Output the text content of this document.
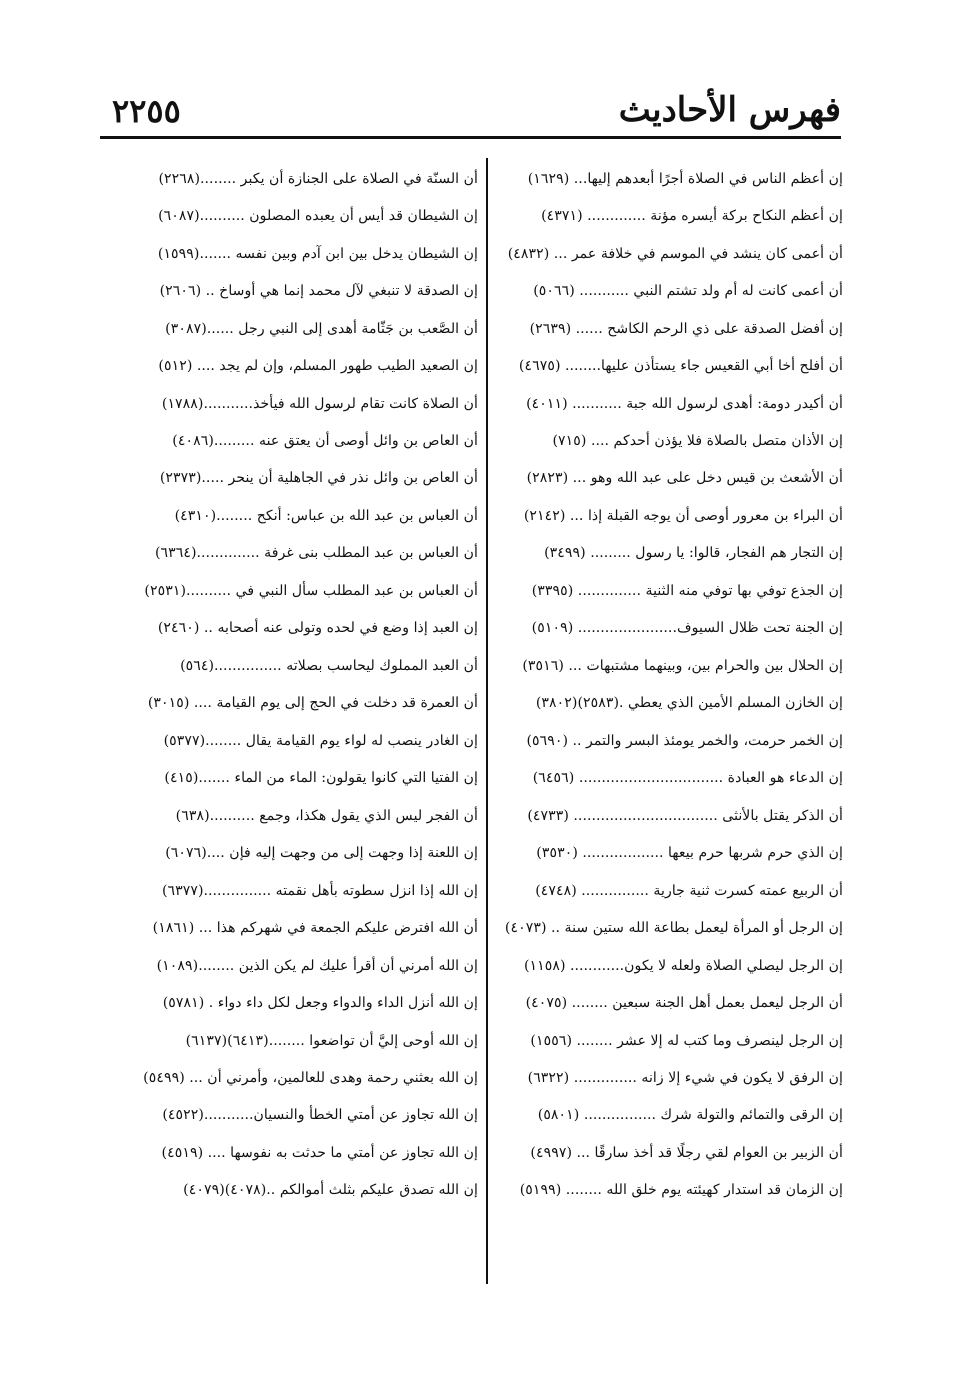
فهرس الأحاديث
٢٢٥٥
إن أعظم الناس في الصلاة أجرًا أبعدهم إليها... (١٦٢٩)
إن أعظم النكاح بركة أيسره مؤنة ............. (٤٣٧١)
أن أعمى كان ينشد في الموسم في خلافة عمر ... (٤٨٣٢)
أن أعمى كانت له أم ولد تشتم النبي ........... (٥٠٦٦)
إن أفضل الصدقة على ذي الرحم الكاشح ...... (٢٦٣٩)
أن أفلح أخا أبي القعيس جاء يستأذن عليها........ (٤٦٧٥)
أن أكيدر دومة: أهدى لرسول الله جبة ........... (٤٠١١)
إن الأذان متصل بالصلاة فلا يؤذن أحدكم .... (٧١٥)
أن الأشعث بن قيس دخل على عبد الله وهو ... (٢٨٢٣)
أن البراء بن معرور أوصى أن يوجه القبلة إذا ... (٢١٤٢)
إن التجار هم الفجار، قالوا: يا رسول ......... (٣٤٩٩)
إن الجذع توفي بها توفي منه الثنية .............. (٣٣٩٥)
إن الجنة تحت ظلال السيوف...................... (٥١٠٩)
إن الحلال بين والحرام بين، وبينهما مشتبهات ... (٣٥١٦)
إن الخازن المسلم الأمين الذي يعطي .(٢٥٨٣)(٣٨٠٢)
إن الخمر حرمت، والخمر يومئذ البسر والتمر .. (٥٦٩٠)
إن الدعاء هو العبادة ................................ (٦٤٥٦)
أن الذكر يقتل بالأنثى ................................ (٤٧٣٣)
إن الذي حرم شربها حرم بيعها .................. (٣٥٣٠)
أن الربيع عمته كسرت ثنية جارية ............... (٤٧٤٨)
إن الرجل أو المرأة ليعمل بطاعة الله ستين سنة .. (٤٠٧٣)
إن الرجل ليصلي الصلاة ولعله لا يكون............ (١١٥٨)
أن الرجل ليعمل بعمل أهل الجنة سبعين ........ (٤٠٧٥)
إن الرجل لينصرف وما كتب له إلا عشر ........ (١٥٥٦)
إن الرفق لا يكون في شيء إلا زانه .............. (٦٣٢٢)
إن الرقى والتمائم والتولة شرك ................ (٥٨٠١)
أن الزبير بن العوام لقي رجلًا قد أخذ سارقًا ... (٤٩٩٧)
إن الزمان قد استدار كهيئته يوم خلق الله ........ (٥١٩٩)
أن السنّة في الصلاة على الجنازة أن يكبر ........(٢٢٦٨)
إن الشيطان قد أيس أن يعبده المصلون ..........(٦٠٨٧)
إن الشيطان يدخل بين ابن آدم وبين نفسه .......(١٥٩٩)
إن الصدقة لا تنبغي لآل محمد إنما هي أوساخ .. (٢٦٠٦)
أن الصَّعب بن جَثّامة أهدى إلى النبي رجل ......(٣٠٨٧)
إن الصعيد الطيب طهور المسلم، وإن لم يجد .... (٥١٢)
أن الصلاة كانت تقام لرسول الله فيأخذ...........(١٧٨٨)
أن العاص بن وائل أوصى أن يعتق عنه .........(٤٠٨٦)
أن العاص بن وائل نذر في الجاهلية أن ينحر .....(٢٣٧٣)
أن العباس بن عبد الله بن عباس: أنكح ........(٤٣١٠)
أن العباس بن عبد المطلب بنى غرفة ..............(٦٣٦٤)
أن العباس بن عبد المطلب سأل النبي في ..........(٢٥٣١)
إن العبد إذا وضع في لحده وتولى عنه أصحابه .. (٢٤٦٠)
أن العبد المملوك ليحاسب بصلاته ...............(٥٦٤)
أن العمرة قد دخلت في الحج إلى يوم القيامة .... (٣٠١٥)
إن الغادر ينصب له لواء يوم القيامة يقال ........(٥٣٧٧)
إن الفتيا التي كانوا يقولون: الماء من الماء .......(٤١٥)
أن الفجر ليس الذي يقول هكذا، وجمع ..........(٦٣٨)
إن اللعنة إذا وجهت إلى من وجهت إليه فإن ....(٦٠٧٦)
إن الله إذا انزل سطوته بأهل نقمته ...............(٦٣٧٧)
أن الله افترض عليكم الجمعة في شهركم هذا ... (١٨٦١)
إن الله أمرني أن أقرأ عليك لم يكن الذين ........(١٠٨٩)
إن الله أنزل الداء والدواء وجعل لكل داء دواء . (٥٧٨١)
إن الله أوحى إليَّ أن تواضعوا ........(٦٤١٣)(٦١٣٧)
إن الله بعثني رحمة وهدى للعالمين، وأمرني أن ... (٥٤٩٩)
إن الله تجاوز عن أمتي الخطأ والنسيان...........(٤٥٢٢)
إن الله تجاوز عن أمتي ما حدثت به نفوسها .... (٤٥١٩)
إن الله تصدق عليكم بثلث أموالكم ..(٤٠٧٨)(٤٠٧٩)
